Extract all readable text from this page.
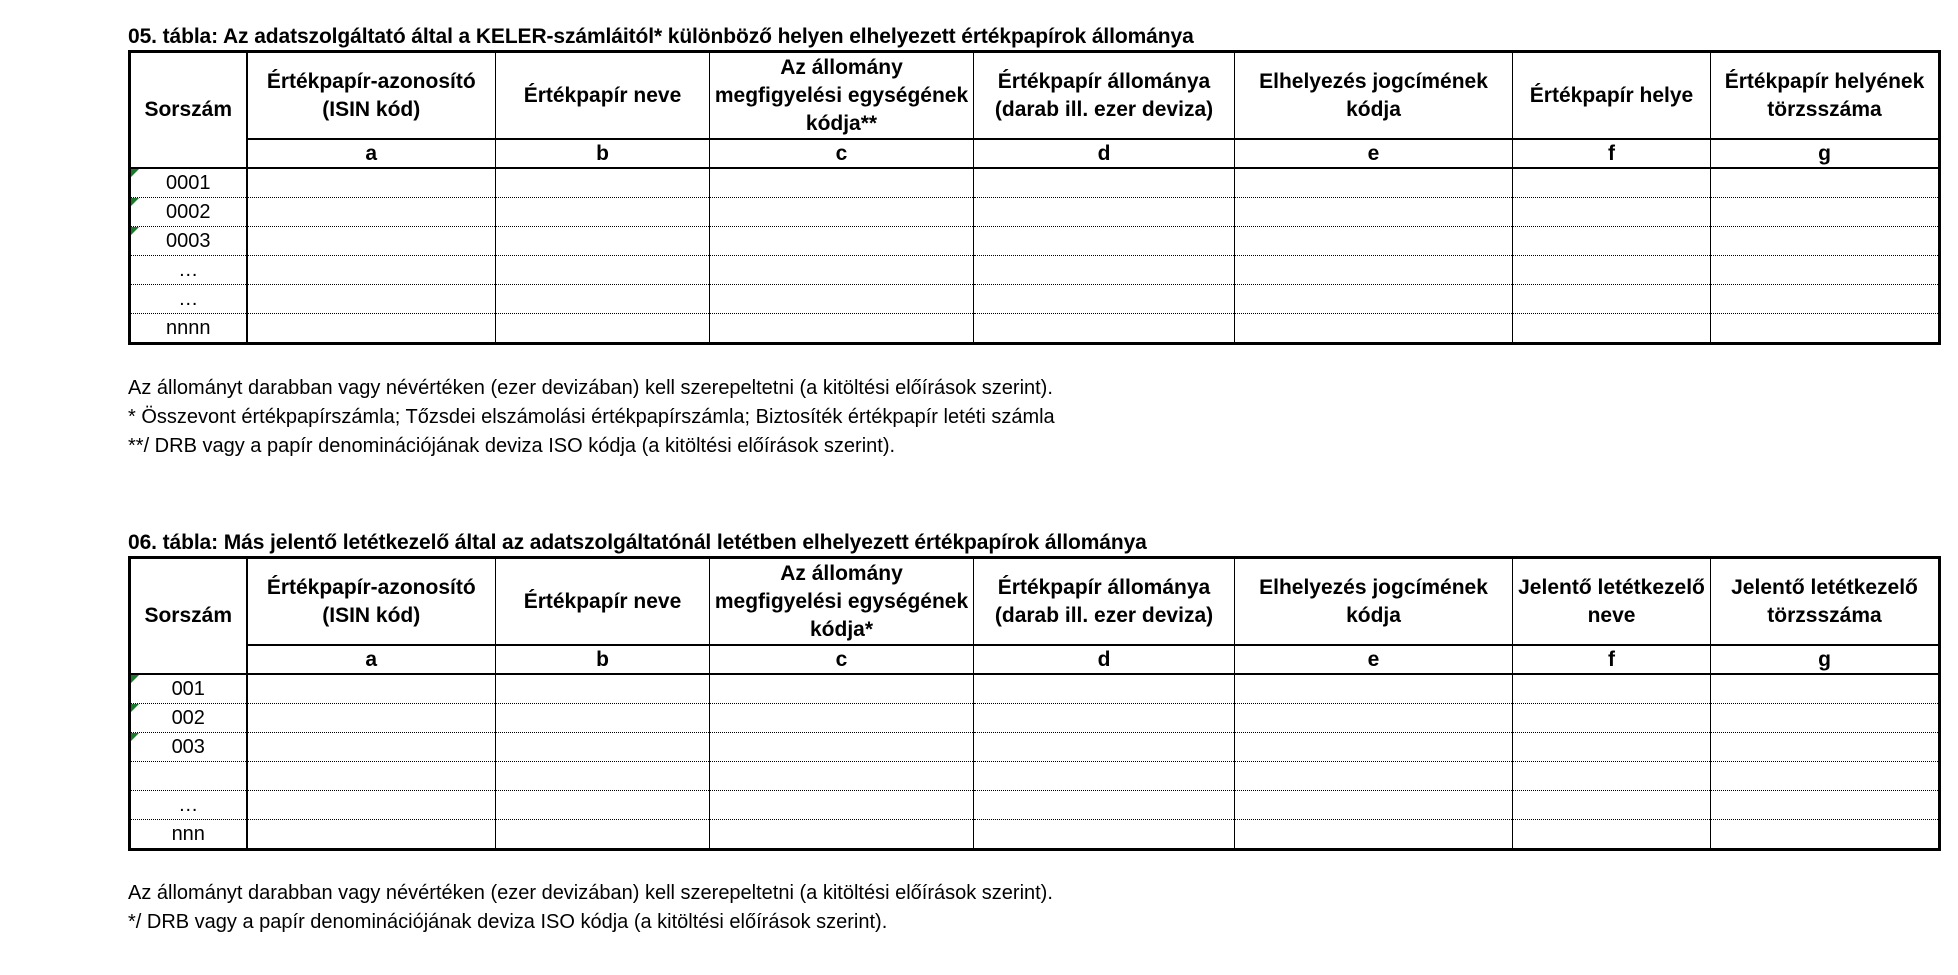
05. tábla: Az adatszolgáltató által a KELER-számláitól* különböző helyen elhelyezett értékpapírok állománya
Sorszám	Értékpapír-azonosító (ISIN kód)	Értékpapír neve	Az állomány megfigyelési egységének kódja**	Értékpapír állománya (darab ill. ezer deviza)	Elhelyezés jogcímének kódja	Értékpapír helye	Értékpapír helyének törzsszáma
	a	b	c	d	e	f	g
0001							
0002							
0003							
…							
…							
nnnn							
Az állományt darabban vagy névértéken (ezer devizában) kell szerepeltetni (a kitöltési előírások szerint).
* Összevont értékpapírszámla; Tőzsdei elszámolási értékpapírszámla; Biztosíték értékpapír letéti számla
**/ DRB vagy a papír denominációjának deviza ISO kódja (a kitöltési előírások szerint).
06. tábla: Más jelentő letétkezelő által az adatszolgáltatónál letétben elhelyezett értékpapírok állománya
Sorszám	Értékpapír-azonosító (ISIN kód)	Értékpapír neve	Az állomány megfigyelési egységének kódja*	Értékpapír állománya (darab ill. ezer deviza)	Elhelyezés jogcímének kódja	Jelentő letétkezelő neve	Jelentő letétkezelő törzsszáma
	a	b	c	d	e	f	g
001							
002							
003							

…							
nnn							
Az állományt darabban vagy névértéken (ezer devizában) kell szerepeltetni (a kitöltési előírások szerint).
*/ DRB vagy a papír denominációjának deviza ISO kódja (a kitöltési előírások szerint).
